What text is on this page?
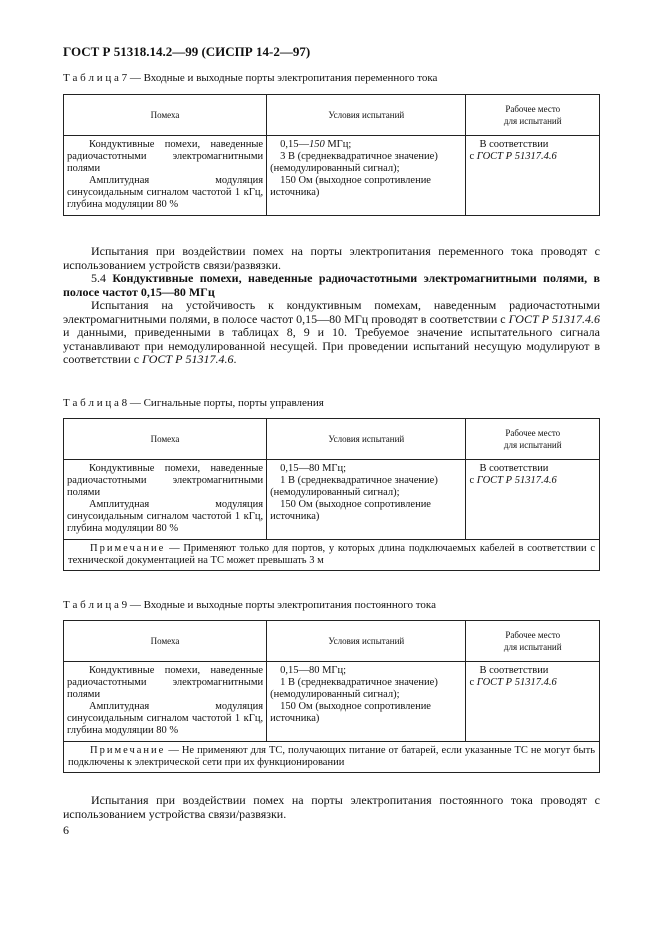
ГОСТ Р 51318.14.2—99 (СИСПР 14-2—97)
Т а б л и ц а 7 — Входные и выходные порты электропитания переменного тока
Помеха	Условия испытаний	Рабочее место
для испытаний

Кондуктивные помехи, наведенные радиочастотными электромагнитными полями
Амплитудная модуляция синусоидальным сигналом частотой 1 кГц, глубина модуляции 80 %	0,15—150 МГц;
3 В (среднеквадратичное значение) (немодулированный сигнал);
150 Ом (выходное сопротивление источника)	В соответствии
с ГОСТ Р 51317.4.6
Испытания при воздействии помех на порты электропитания переменного тока проводят с использованием устройств связи/развязки.
5.4 Кондуктивные помехи, наведенные радиочастотными электромагнитными полями, в полосе частот 0,15—80 МГц
Испытания на устойчивость к кондуктивным помехам, наведенным радиочастотными электромагнитными полями, в полосе частот 0,15—80 МГц проводят в соответствии с ГОСТ Р 51317.4.6 и данными, приведенными в таблицах 8, 9 и 10. Требуемое значение испытательного сигнала устанавливают при немодулированной несущей. При проведении испытаний несущую модулируют в соответствии с ГОСТ Р 51317.4.6.
Т а б л и ц а 8 — Сигнальные порты, порты управления
Помеха	Условия испытаний	Рабочее место
для испытаний

Кондуктивные помехи, наведенные радиочастотными электромагнитными полями
Амплитудная модуляция синусоидальным сигналом частотой 1 кГц, глубина модуляции 80 %	0,15—80 МГц;
1 В (среднеквадратичное значение) (немодулированный сигнал);
150 Ом (выходное сопротивление источника)	В соответствии
с ГОСТ Р 51317.4.6
Примечание — Применяют только для портов, у которых длина подключаемых кабелей в соответствии с технической документацией на ТС может превышать 3 м		
Т а б л и ц а 9 — Входные и выходные порты электропитания постоянного тока
Помеха	Условия испытаний	Рабочее место
для испытаний

Кондуктивные помехи, наведенные радиочастотными электромагнитными полями
Амплитудная модуляция синусоидальным сигналом частотой 1 кГц, глубина модуляции 80 %	0,15—80 МГц;
1 В (среднеквадратичное значение) (немодулированный сигнал);
150 Ом (выходное сопротивление источника)	В соответствии
с ГОСТ Р 51317.4.6
Примечание — Не применяют для ТС, получающих питание от батарей, если указанные ТС не могут быть подключены к электрической сети при их функционировании		
Испытания при воздействии помех на порты электропитания постоянного тока проводят с использованием устройства связи/развязки.
6
